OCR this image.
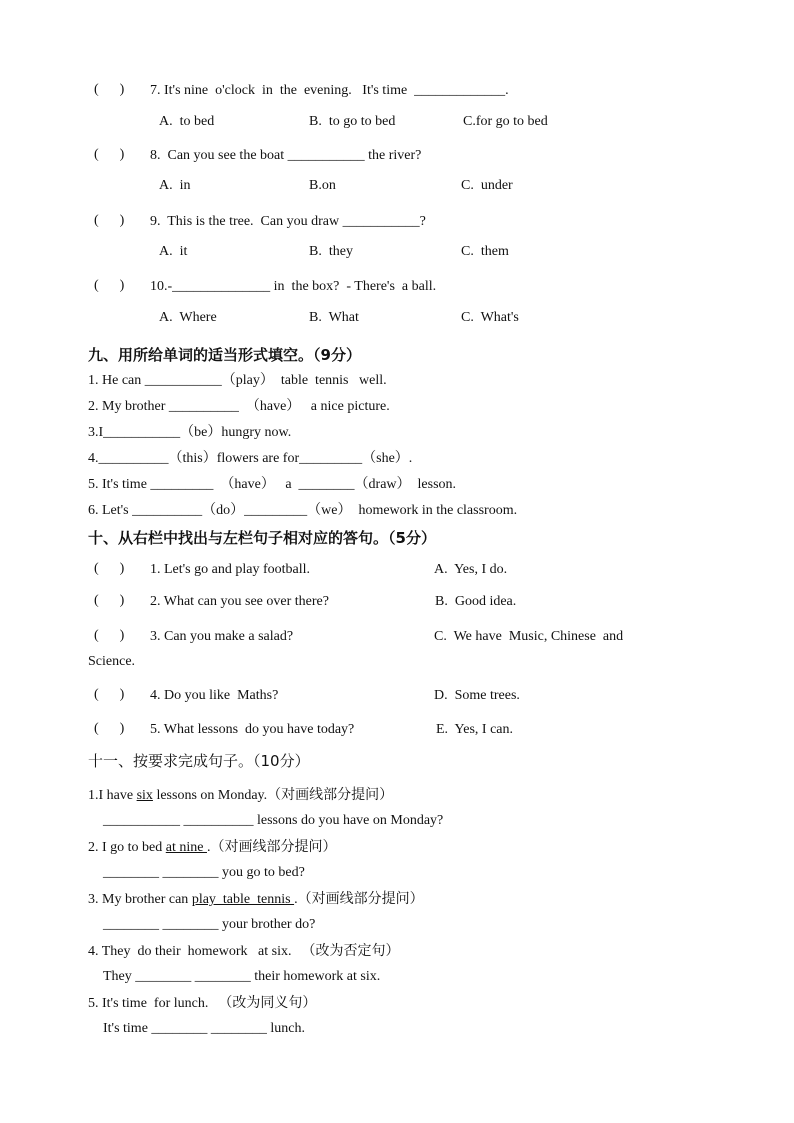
(      ) 7. It's nine  o'clock  in  the  evening.   It's time  _____________.
A.  to bed	B.  to go to bed	C.for go to bed
(      ) 8.  Can you see the boat ___________ the river?
A.  in	B.on	C.  under
(      ) 9.  This is the tree.  Can you draw ___________?
A.  it	B.  they	C.  them
(      ) 10.-______________ in  the box?  - There's  a ball.
A.  Where	B.  What	C.  What's
九、用所给单词的适当形式填空。（9分）
1. He can ___________（play）  table  tennis   well.
2. My brother __________  （have）   a nice picture.
3.I___________（be）hungry now.
4.__________（this）flowers are for_________（she）.
5. It's time _________  （have）   a  ________（draw）  lesson.
6. Let's __________（do）_________（we）  homework in the classroom.
十、从右栏中找出与左栏句子相对应的答句。（5分）
(      ) 1. Let's go and play football.	A.  Yes, I do.
(      ) 2. What can you see over there?	B.  Good idea.
(      ) 3. Can you make a salad?	C.  We have  Music, Chinese  and
Science.
(      ) 4. Do you like  Maths?	D.  Some trees.
(      ) 5. What lessons  do you have today?	E.  Yes, I can.
十一、按要求完成句子。（10分）
1.I have six lessons on Monday.（对画线部分提问）
___________ __________ lessons do you have on Monday?
2. I go to bed at nine .（对画线部分提问）
________ ________ you go to bed?
3. My brother can play  table  tennis .（对画线部分提问）
________ ________ your brother do?
4. They  do their  homework   at six. （改为否定句）
They ________ ________ their homework at six.
5. It's time  for lunch. （改为同义句）
It's time ________ ________ lunch.
